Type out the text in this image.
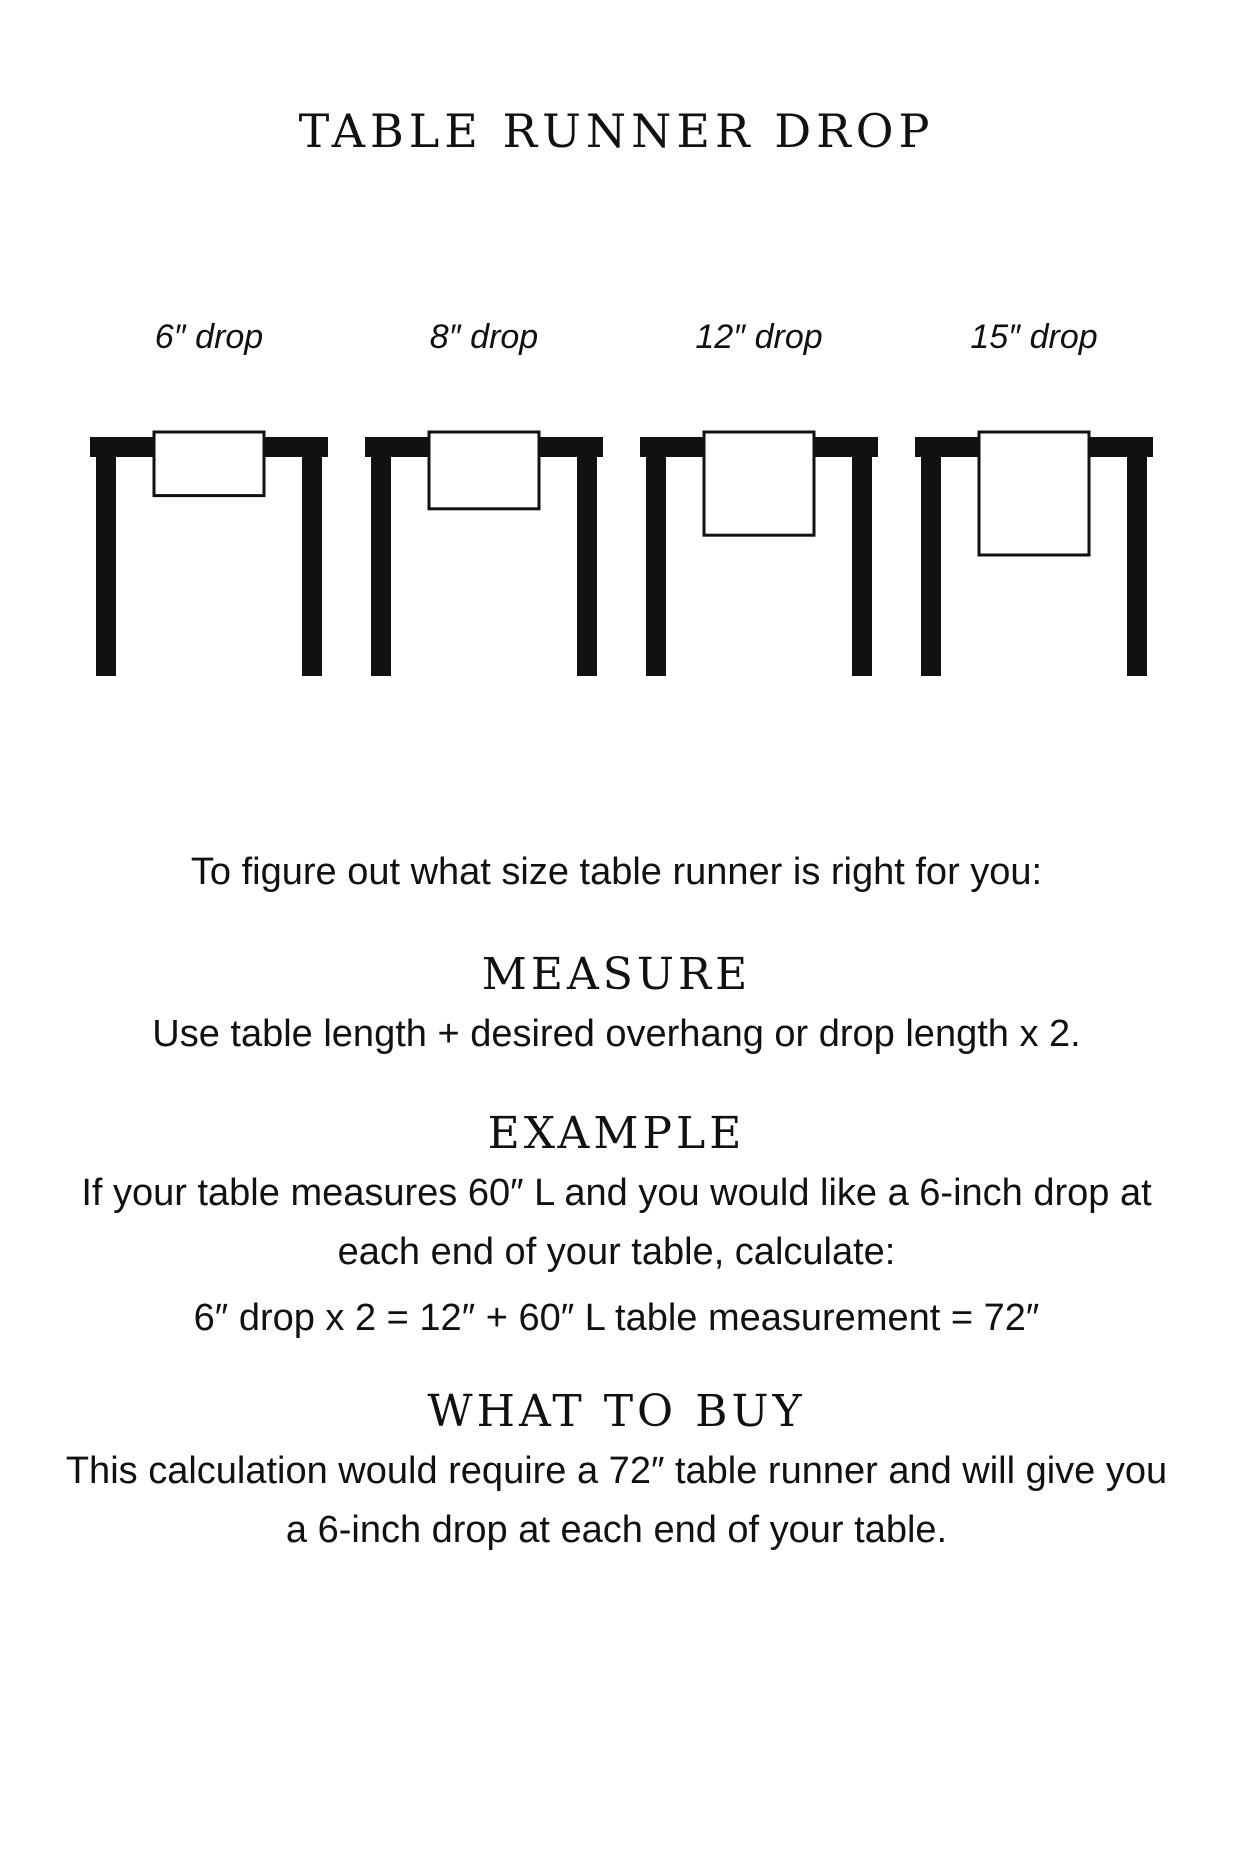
TABLE RUNNER DROP
6″ drop	8″ drop	12″ drop	15″ drop
To figure out what size table runner is right for you:
MEASURE
Use table length + desired overhang or drop length x 2.
EXAMPLE
If your table measures 60″ L and you would like a 6-inch drop at each end of your table, calculate:
6″ drop x 2 = 12″ + 60″ L table measurement = 72″
WHAT TO BUY
This calculation would require a 72″ table runner and will give you a 6-inch drop at each end of your table.
